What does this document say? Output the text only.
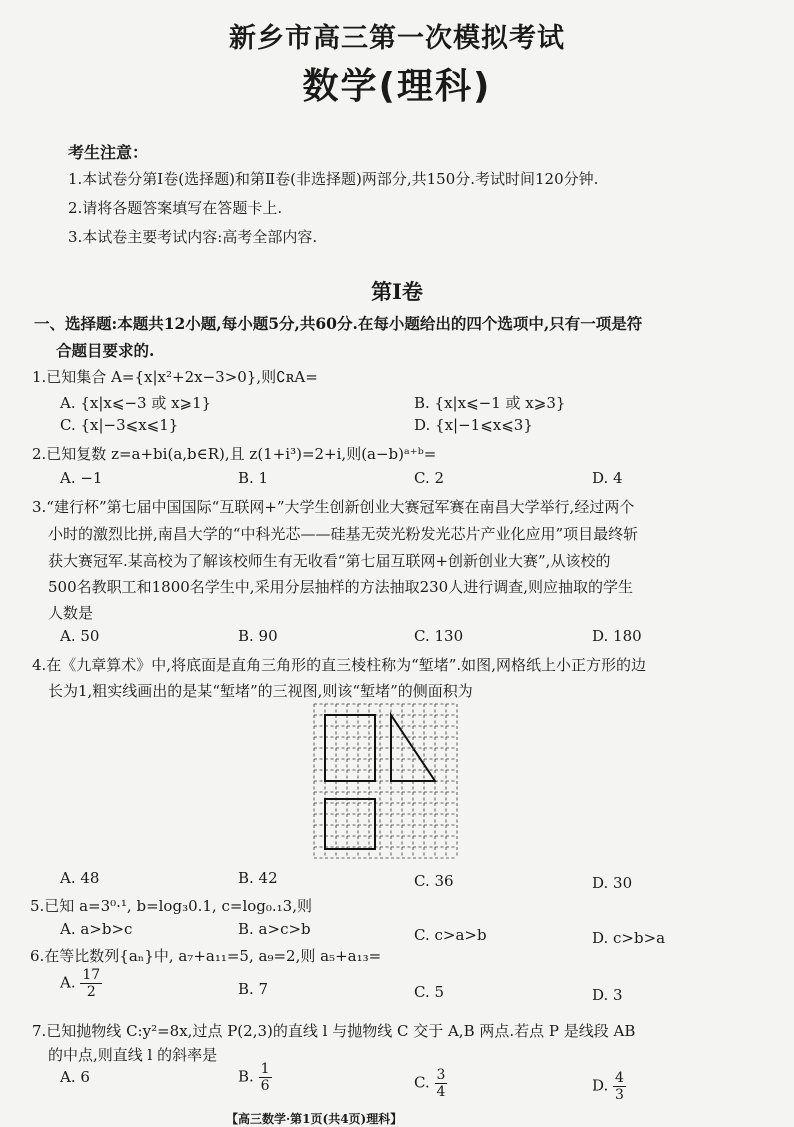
新乡市高三第一次模拟考试
数学(理科)
考生注意：
1.本试卷分第Ⅰ卷(选择题)和第Ⅱ卷(非选择题)两部分,共150分.考试时间120分钟.
2.请将各题答案填写在答题卡上.
3.本试卷主要考试内容:高考全部内容.
第Ⅰ卷
一、选择题:本题共12小题,每小题5分,共60分.在每小题给出的四个选项中,只有一项是符
合题目要求的.
1.已知集合 A={x|x²+2x−3>0},则∁ʀA=
A. {x|x⩽−3 或 x⩾1}	B. {x|x⩽−1 或 x⩾3}
C. {x|−3⩽x⩽1}	D. {x|−1⩽x⩽3}
2.已知复数 z=a+bi(a,b∈R),且 z(1+i³)=2+i,则(a−b)ᵃ⁺ᵇ=
A. −1	B. 1	C. 2	D. 4
3.“建行杯”第七届中国国际“互联网+”大学生创新创业大赛冠军赛在南昌大学举行,经过两个
小时的激烈比拼,南昌大学的“中科光芯——硅基无荧光粉发光芯片产业化应用”项目最终斩
获大赛冠军.某高校为了解该校师生有无收看“第七届互联网+创新创业大赛”,从该校的
500名教职工和1800名学生中,采用分层抽样的方法抽取230人进行调查,则应抽取的学生
人数是
A. 50	B. 90	C. 130	D. 180
4.在《九章算术》中,将底面是直角三角形的直三棱柱称为“堑堵”.如图,网格纸上小正方形的边
长为1,粗实线画出的是某“堑堵”的三视图,则该“堑堵”的侧面积为
A. 48	B. 42	C. 36	D. 30
5.已知 a=3⁰·¹, b=log₃0.1, c=log₀.₁3,则
A. a>b>c	B. a>c>b	C. c>a>b	D. c>b>a
6.在等比数列{aₙ}中, a₇+a₁₁=5, a₉=2,则 a₅+a₁₃=
A. $\frac{17}{2}$	B. 7	C. 5	D. 3
7.已知抛物线 C:y²=8x,过点 P(2,3)的直线 l 与抛物线 C 交于 A,B 两点.若点 P 是线段 AB
的中点,则直线 l 的斜率是
A. 6	B. $\frac{1}{6}$	C. $\frac{3}{4}$	D. $\frac{4}{3}$
【高三数学·第1页(共4页)理科】
